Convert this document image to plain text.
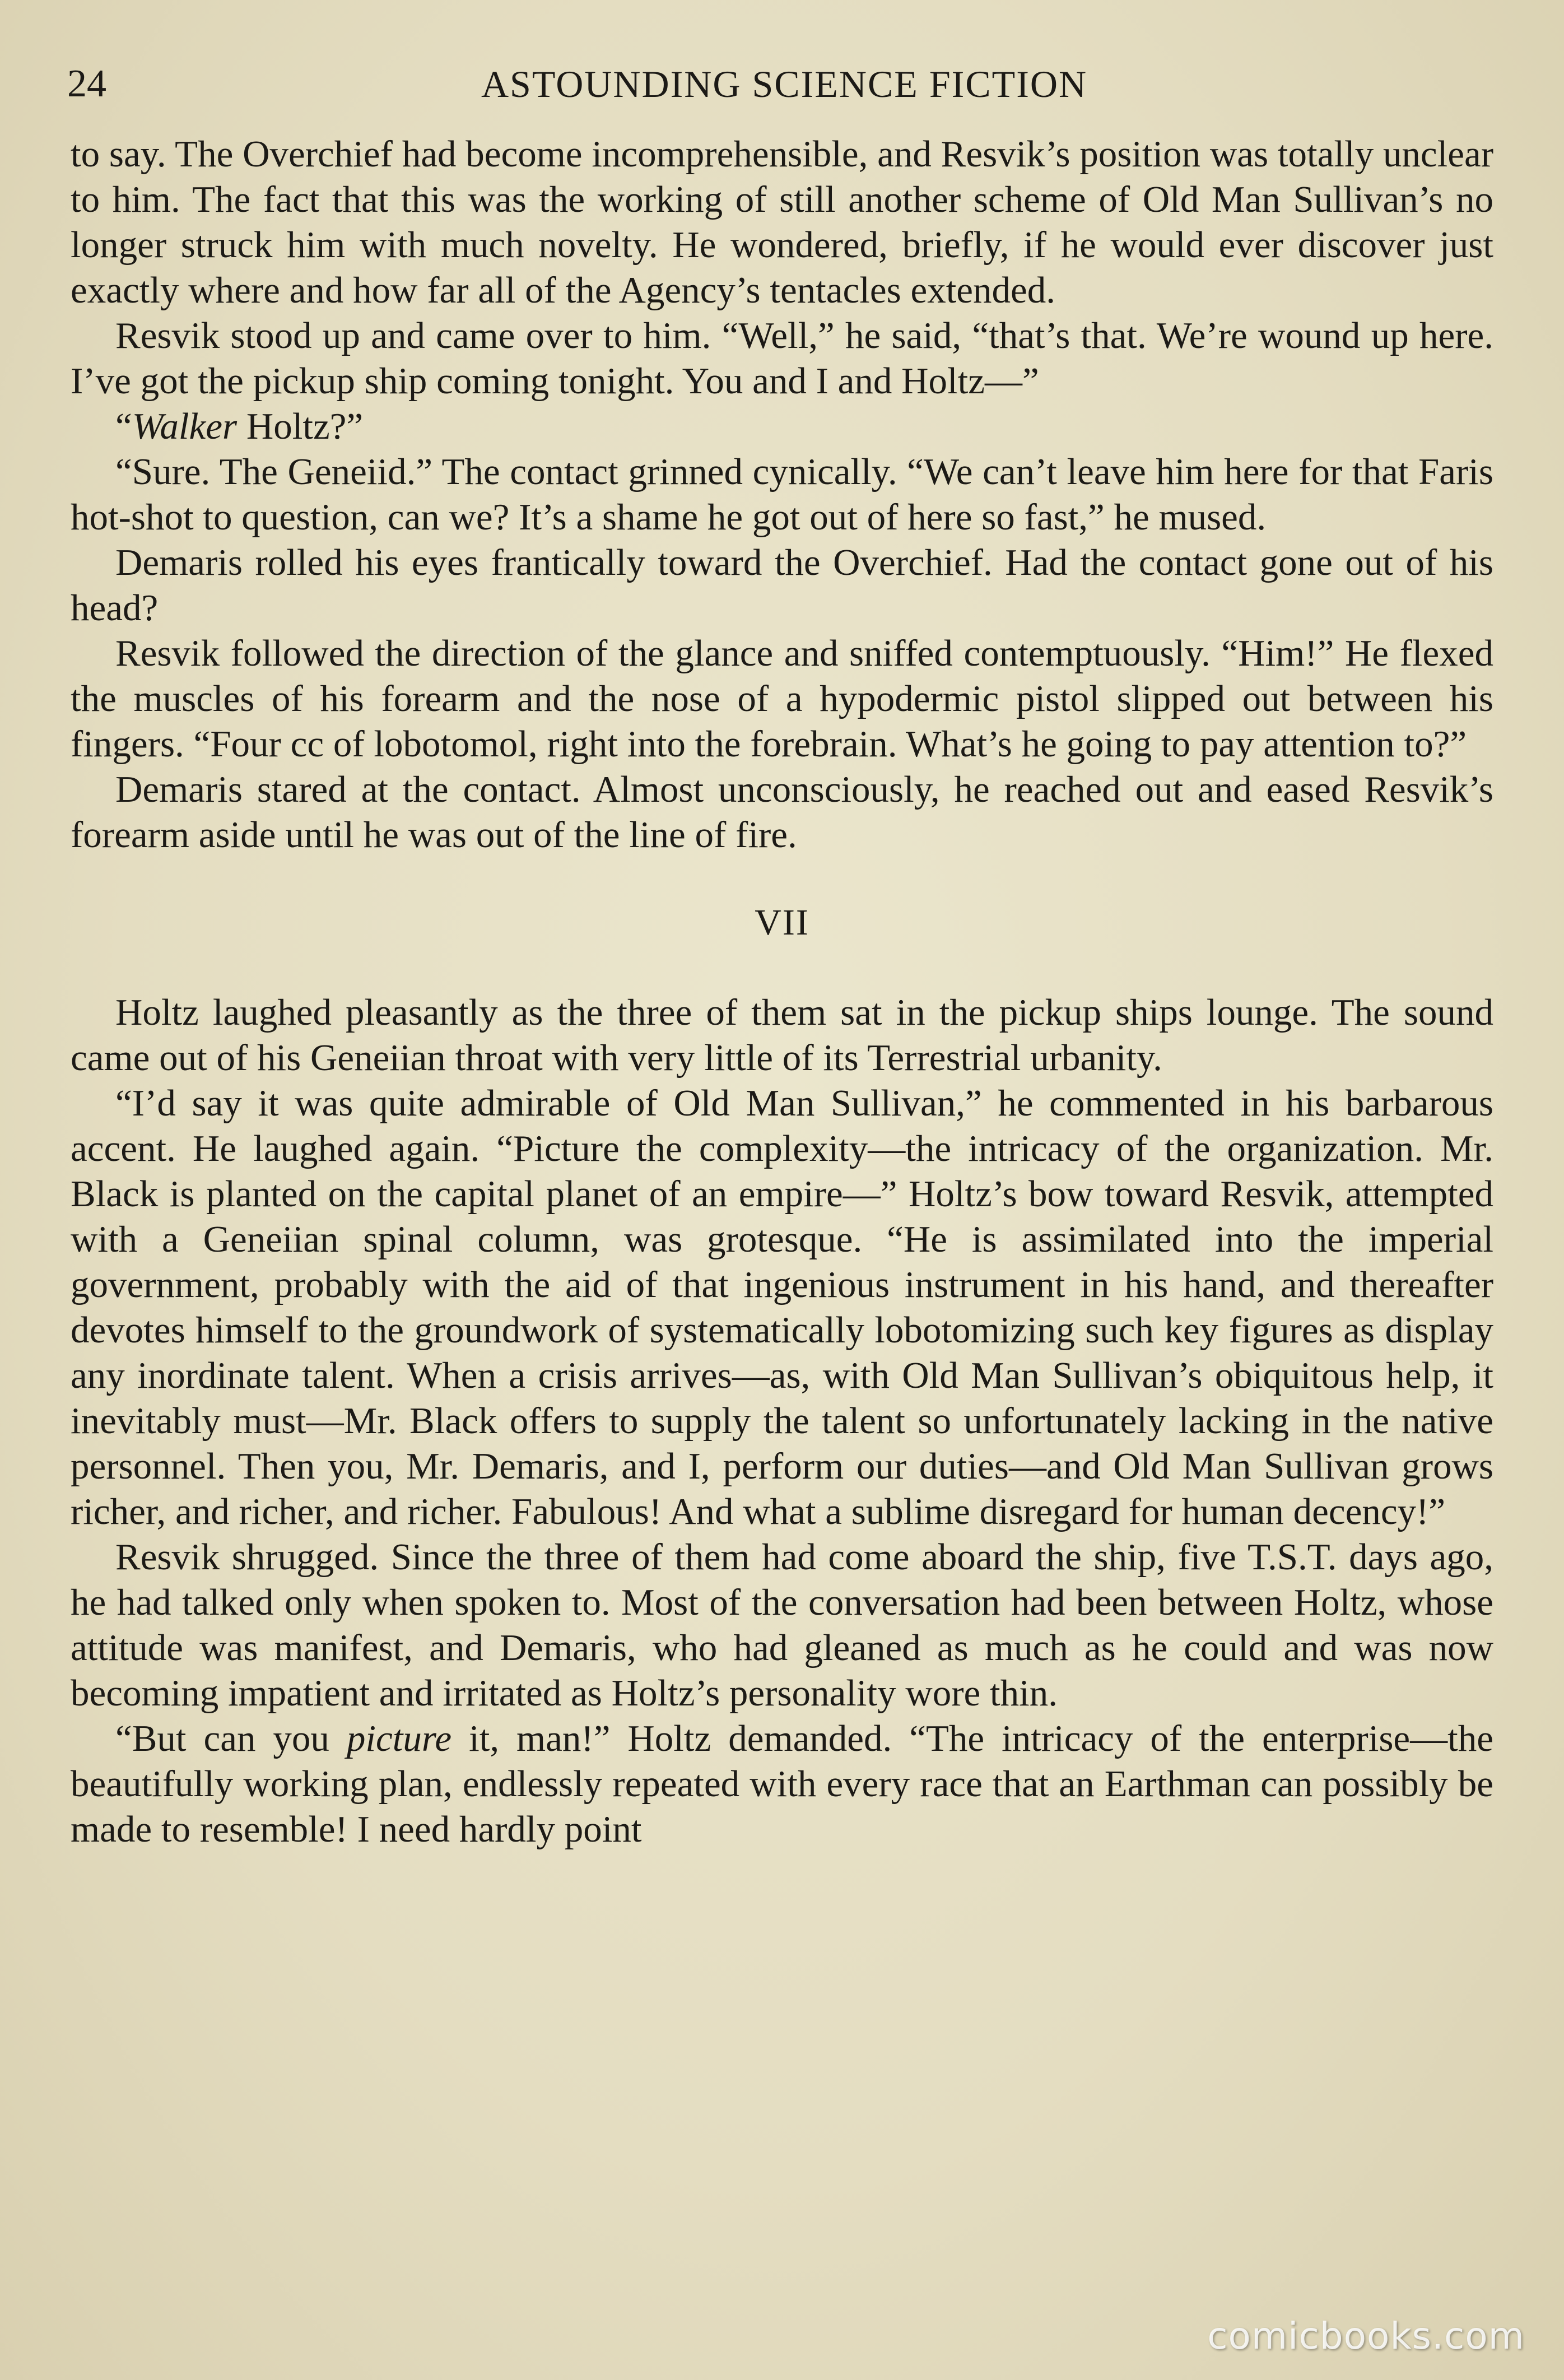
24	ASTOUNDING SCIENCE FICTION

to say. The Overchief had become incomprehensible, and Resvik’s position was totally unclear to him. The fact that this was the working of still another scheme of Old Man Sullivan’s no longer struck him with much novelty. He wondered, briefly, if he would ever discover just exactly where and how far all of the Agency’s tentacles extended.

Resvik stood up and came over to him. “Well,” he said, “that’s that. We’re wound up here. I’ve got the pickup ship coming tonight. You and I and Holtz—”

“Walker Holtz?”

“Sure. The Geneiid.” The contact grinned cynically. “We can’t leave him here for that Faris hot-shot to question, can we? It’s a shame he got out of here so fast,” he mused.

Demaris rolled his eyes frantically toward the Overchief. Had the contact gone out of his head?

Resvik followed the direction of the glance and sniffed contemptuously. “Him!” He flexed the muscles of his forearm and the nose of a hypodermic pistol slipped out between his fingers. “Four cc of lobotomol, right into the forebrain. What’s he going to pay attention to?”

Demaris stared at the contact. Almost unconsciously, he reached out and eased Resvik’s forearm aside until he was out of the line of fire.

VII

Holtz laughed pleasantly as the three of them sat in the pickup ships lounge. The sound came out of his Geneiian throat with very little of its Terrestrial urbanity.

“I’d say it was quite admirable of Old Man Sullivan,” he commented in his barbarous accent. He laughed again. “Picture the complexity—the intricacy of the organization. Mr. Black is planted on the capital planet of an empire—” Holtz’s bow toward Resvik, attempted with a Geneiian spinal column, was grotesque. “He is assimilated into the imperial government, probably with the aid of that ingenious instrument in his hand, and thereafter devotes himself to the groundwork of systematically lobotomizing such key figures as display any inordinate talent. When a crisis arrives—as, with Old Man Sullivan’s obiquitous help, it inevitably must—Mr. Black offers to supply the talent so unfortunately lacking in the native personnel. Then you, Mr. Demaris, and I, perform our duties—and Old Man Sullivan grows richer, and richer, and richer. Fabulous! And what a sublime disregard for human decency!”

Resvik shrugged. Since the three of them had come aboard the ship, five T.S.T. days ago, he had talked only when spoken to. Most of the conversation had been between Holtz, whose attitude was manifest, and Demaris, who had gleaned as much as he could and was now becoming impatient and irritated as Holtz’s personality wore thin.

“But can you picture it, man!” Holtz demanded. “The intricacy of the enterprise—the beautifully working plan, endlessly repeated with every race that an Earthman can possibly be made to resemble! I need hardly point

comicbooks.com
